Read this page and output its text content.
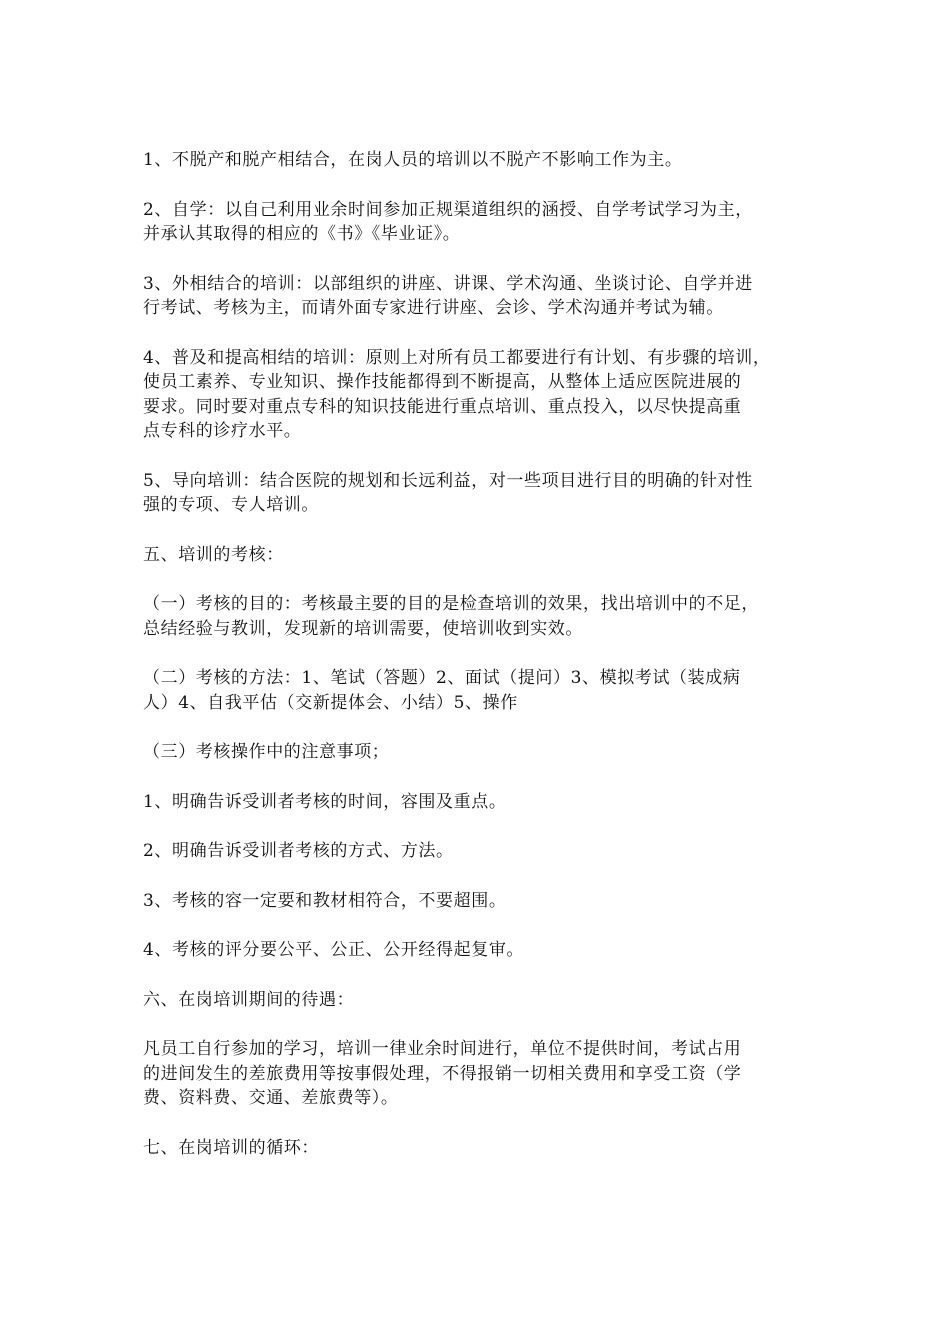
1、不脱产和脱产相结合，在岗人员的培训以不脱产不影响工作为主。
2、自学：以自己利用业余时间参加正规渠道组织的涵授、自学考试学习为主，
并承认其取得的相应的《书》《毕业证》。
3、外相结合的培训：以部组织的讲座、讲课、学术沟通、坐谈讨论、自学并进
行考试、考核为主，而请外面专家进行讲座、会诊、学术沟通并考试为辅。
4、普及和提高相结的培训：原则上对所有员工都要进行有计划、有步骤的培训，
使员工素养、专业知识、操作技能都得到不断提高，从整体上适应医院进展的
要求。同时要对重点专科的知识技能进行重点培训、重点投入，以尽快提高重
点专科的诊疗水平。
5、导向培训：结合医院的规划和长远利益，对一些项目进行目的明确的针对性
强的专项、专人培训。
五、培训的考核：
（一）考核的目的：考核最主要的目的是检查培训的效果，找出培训中的不足，
总结经验与教训，发现新的培训需要，使培训收到实效。
（二）考核的方法：1、笔试（答题）2、面试（提问）3、模拟考试（装成病
人）4、自我平估（交新提体会、小结）5、操作
（三）考核操作中的注意事项；
1、明确告诉受训者考核的时间，容围及重点。
2、明确告诉受训者考核的方式、方法。
3、考核的容一定要和教材相符合，不要超围。
4、考核的评分要公平、公正、公开经得起复审。
六、在岗培训期间的待遇：
凡员工自行参加的学习，培训一律业余时间进行，单位不提供时间，考试占用
的进间发生的差旅费用等按事假处理，不得报销一切相关费用和享受工资（学
费、资料费、交通、差旅费等）。
七、在岗培训的循环：
